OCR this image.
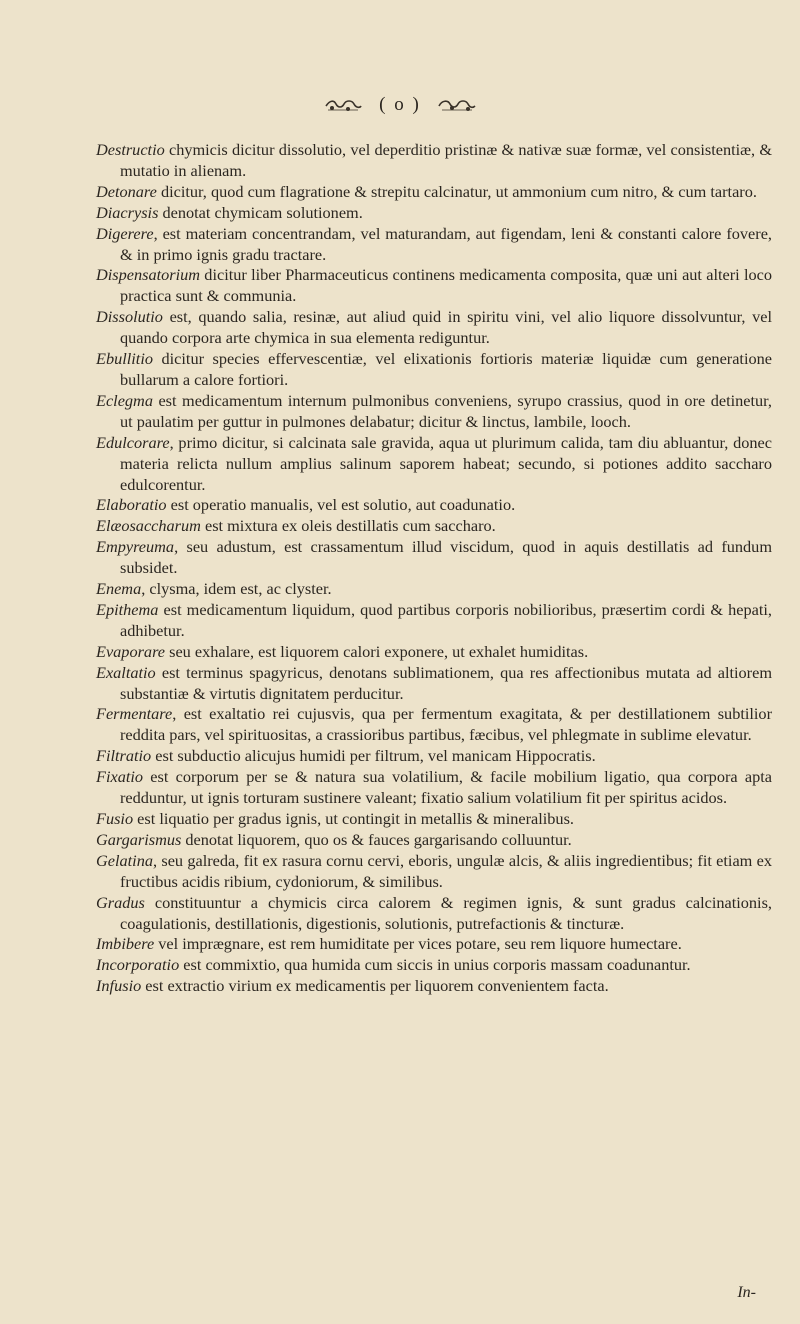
( o )

Destructio chymicis dicitur dissolutio, vel deperditio pristinæ & nativæ suæ formæ, vel consistentiæ, & mutatio in alienam.

Detonare dicitur, quod cum flagratione & strepitu calcinatur, ut ammonium cum nitro, & cum tartaro.

Diacrysis denotat chymicam solutionem.

Digerere, est materiam concentrandam, vel maturandam, aut figendam, leni & constanti calore fovere, & in primo ignis gradu tractare.

Dispensatorium dicitur liber Pharmaceuticus continens medicamenta composita, quæ uni aut alteri loco practica sunt & communia.

Dissolutio est, quando salia, resinæ, aut aliud quid in spiritu vini, vel alio liquore dissolvuntur, vel quando corpora arte chymica in sua elementa rediguntur.

Ebullitio dicitur species effervescentiæ, vel elixationis fortioris materiæ liquidæ cum generatione bullarum a calore fortiori.

Eclegma est medicamentum internum pulmonibus conveniens, syrupo crassius, quod in ore detinetur, ut paulatim per guttur in pulmones delabatur; dicitur & linctus, lambile, looch.

Edulcorare, primo dicitur, si calcinata sale gravida, aqua ut plurimum calida, tam diu abluantur, donec materia relicta nullum amplius salinum saporem habeat; secundo, si potiones addito saccharo edulcorentur.

Elaboratio est operatio manualis, vel est solutio, aut coadunatio.

Elæosaccharum est mixtura ex oleis destillatis cum saccharo.

Empyreuma, seu adustum, est crassamentum illud viscidum, quod in aquis destillatis ad fundum subsidet.

Enema, clysma, idem est, ac clyster.

Epithema est medicamentum liquidum, quod partibus corporis nobilioribus, præsertim cordi & hepati, adhibetur.

Evaporare seu exhalare, est liquorem calori exponere, ut exhalet humiditas.

Exaltatio est terminus spagyricus, denotans sublimationem, qua res affectionibus mutata ad altiorem substantiæ & virtutis dignitatem perducitur.

Fermentare, est exaltatio rei cujusvis, qua per fermentum exagitata, & per destillationem subtilior reddita pars, vel spirituositas, a crassioribus partibus, fæcibus, vel phlegmate in sublime elevatur.

Filtratio est subductio alicujus humidi per filtrum, vel manicam Hippocratis.

Fixatio est corporum per se & natura sua volatilium, & facile mobilium ligatio, qua corpora apta redduntur, ut ignis torturam sustinere valeant; fixatio salium volatilium fit per spiritus acidos.

Fusio est liquatio per gradus ignis, ut contingit in metallis & mineralibus.

Gargarismus denotat liquorem, quo os & fauces gargarisando colluuntur.

Gelatina, seu galreda, fit ex rasura cornu cervi, eboris, ungulæ alcis, & aliis ingredientibus; fit etiam ex fructibus acidis ribium, cydoniorum, & similibus.

Gradus constituuntur a chymicis circa calorem & regimen ignis, & sunt gradus calcinationis, coagulationis, destillationis, digestionis, solutionis, putrefactionis & tincturæ.

Imbibere vel imprægnare, est rem humiditate per vices potare, seu rem liquore humectare.

Incorporatio est commixtio, qua humida cum siccis in unius corporis massam coadunantur.

Infusio est extractio virium ex medicamentis per liquorem convenientem facta.

In-
